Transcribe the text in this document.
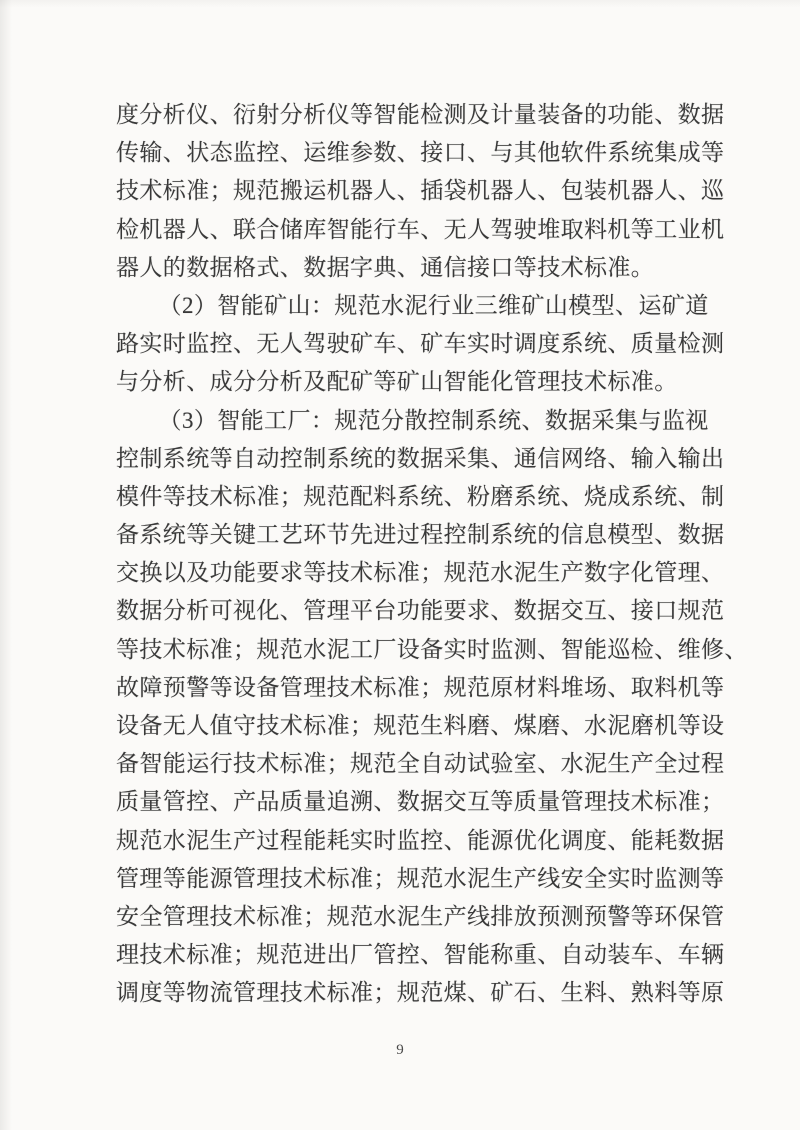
度分析仪、衍射分析仪等智能检测及计量装备的功能、数据
传输、状态监控、运维参数、接口、与其他软件系统集成等
技术标准；规范搬运机器人、插袋机器人、包装机器人、巡
检机器人、联合储库智能行车、无人驾驶堆取料机等工业机
器人的数据格式、数据字典、通信接口等技术标准。
（2）智能矿山：规范水泥行业三维矿山模型、运矿道
路实时监控、无人驾驶矿车、矿车实时调度系统、质量检测
与分析、成分分析及配矿等矿山智能化管理技术标准。
（3）智能工厂：规范分散控制系统、数据采集与监视
控制系统等自动控制系统的数据采集、通信网络、输入输出
模件等技术标准；规范配料系统、粉磨系统、烧成系统、制
备系统等关键工艺环节先进过程控制系统的信息模型、数据
交换以及功能要求等技术标准；规范水泥生产数字化管理、
数据分析可视化、管理平台功能要求、数据交互、接口规范
等技术标准；规范水泥工厂设备实时监测、智能巡检、维修、
故障预警等设备管理技术标准；规范原材料堆场、取料机等
设备无人值守技术标准；规范生料磨、煤磨、水泥磨机等设
备智能运行技术标准；规范全自动试验室、水泥生产全过程
质量管控、产品质量追溯、数据交互等质量管理技术标准；
规范水泥生产过程能耗实时监控、能源优化调度、能耗数据
管理等能源管理技术标准；规范水泥生产线安全实时监测等
安全管理技术标准；规范水泥生产线排放预测预警等环保管
理技术标准；规范进出厂管控、智能称重、自动装车、车辆
调度等物流管理技术标准；规范煤、矿石、生料、熟料等原
9
